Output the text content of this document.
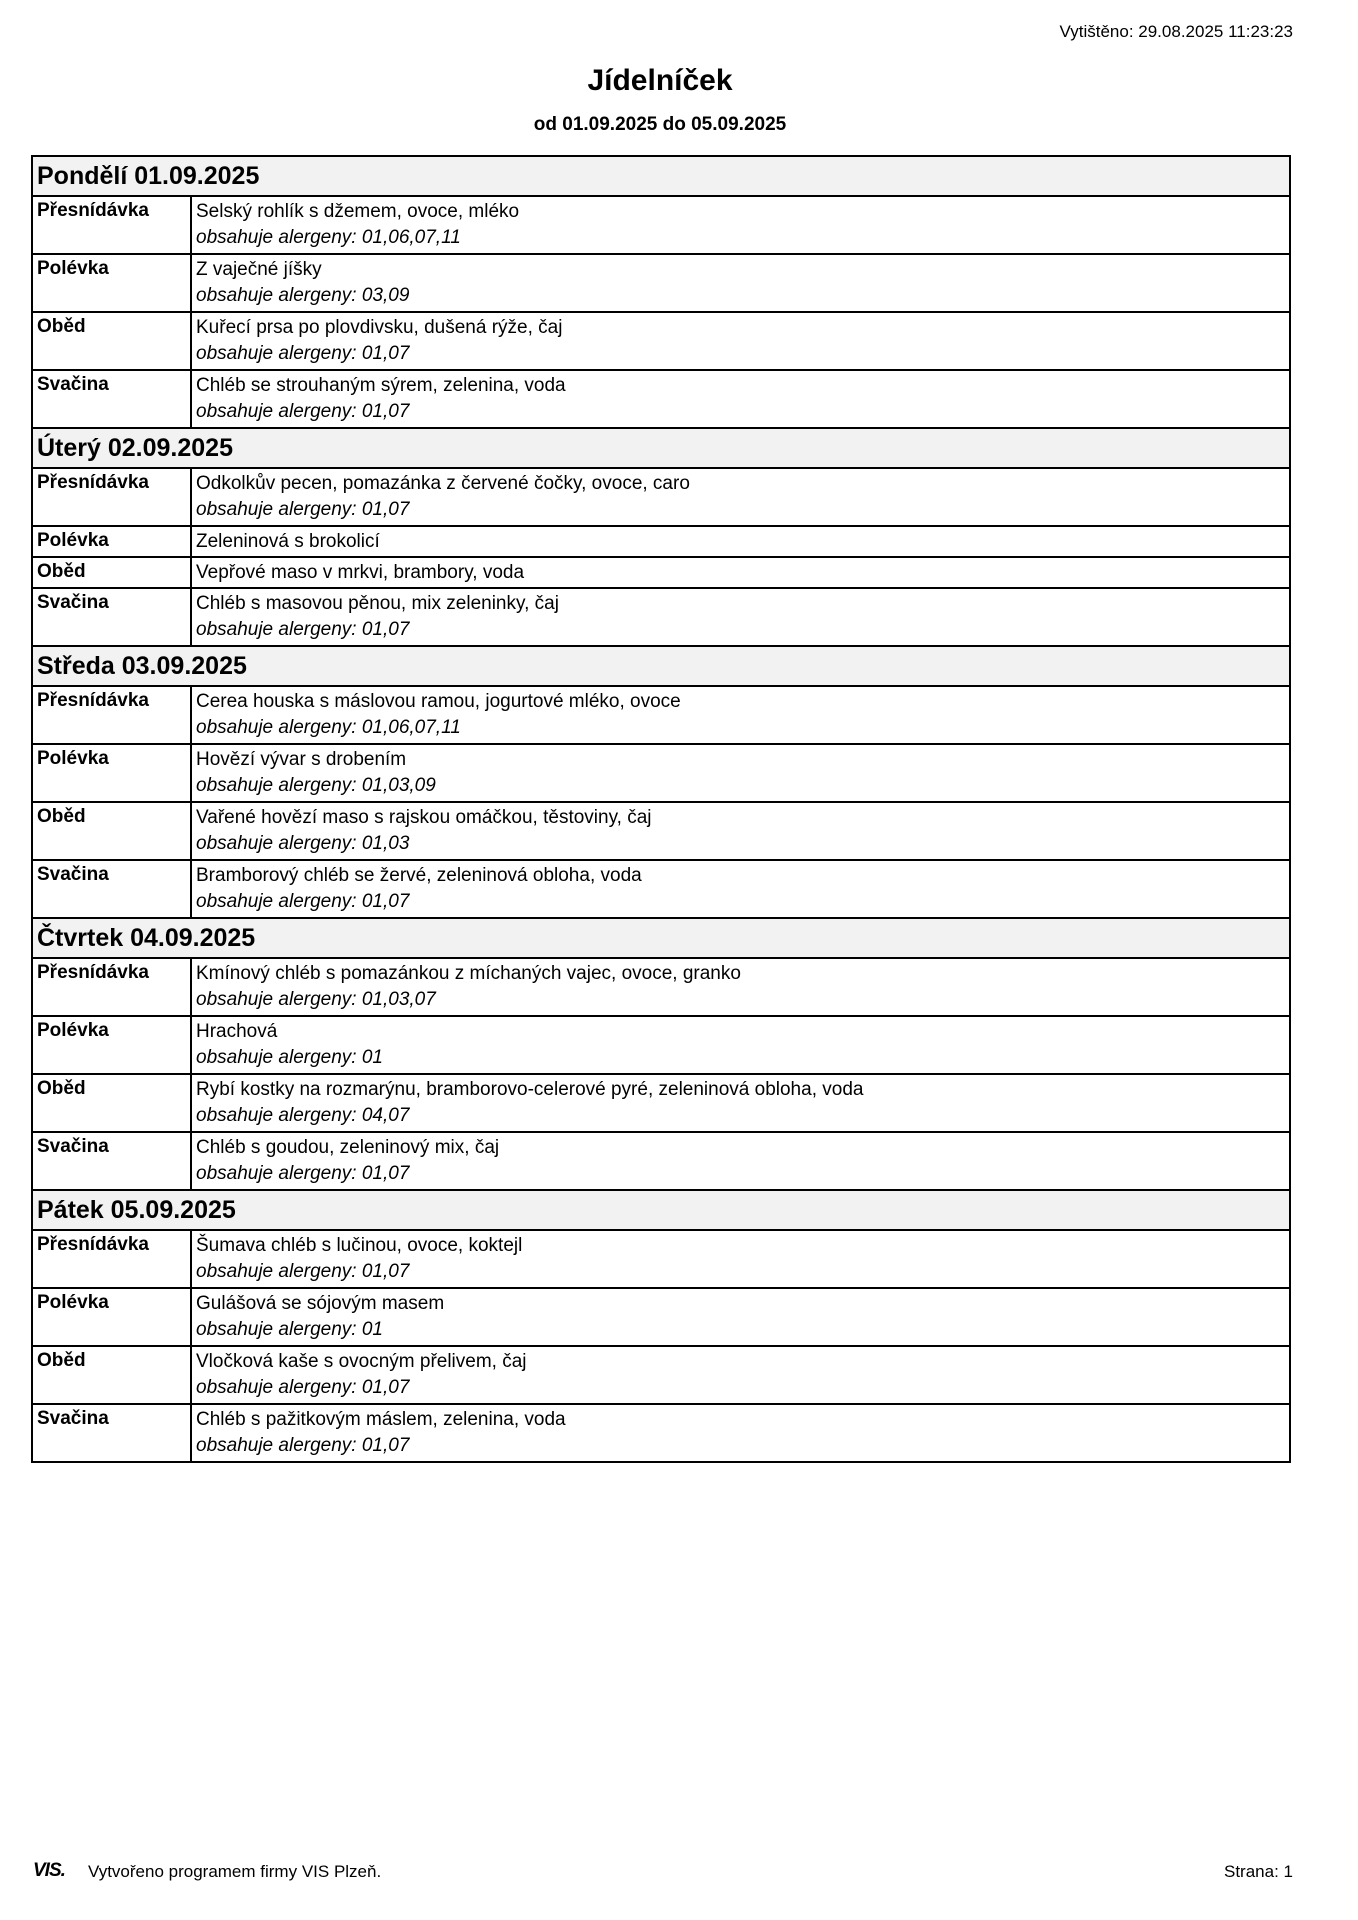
Vytištěno: 29.08.2025 11:23:23
Jídelníček
od 01.09.2025 do 05.09.2025
Pondělí 01.09.2025
Přesnídávka	Selský rohlík s džemem, ovoce, mléko
obsahuje alergeny: 01,06,07,11
Polévka	Z vaječné jíšky
obsahuje alergeny: 03,09
Oběd	Kuřecí prsa po plovdivsku, dušená rýže, čaj
obsahuje alergeny: 01,07
Svačina	Chléb se strouhaným sýrem, zelenina, voda
obsahuje alergeny: 01,07
Úterý 02.09.2025
Přesnídávka	Odkolkův pecen, pomazánka z červené čočky, ovoce, caro
obsahuje alergeny: 01,07
Polévka	Zeleninová s brokolicí
Oběd	Vepřové maso v mrkvi, brambory, voda
Svačina	Chléb s masovou pěnou, mix zeleninky, čaj
obsahuje alergeny: 01,07
Středa 03.09.2025
Přesnídávka	Cerea houska s máslovou ramou, jogurtové mléko, ovoce
obsahuje alergeny: 01,06,07,11
Polévka	Hovězí vývar s drobením
obsahuje alergeny: 01,03,09
Oběd	Vařené hovězí maso s rajskou omáčkou, těstoviny, čaj
obsahuje alergeny: 01,03
Svačina	Bramborový chléb se žervé, zeleninová obloha, voda
obsahuje alergeny: 01,07
Čtvrtek 04.09.2025
Přesnídávka	Kmínový chléb s pomazánkou z míchaných vajec, ovoce, granko
obsahuje alergeny: 01,03,07
Polévka	Hrachová
obsahuje alergeny: 01
Oběd	Rybí kostky na rozmarýnu, bramborovo-celerové pyré, zeleninová obloha, voda
obsahuje alergeny: 04,07
Svačina	Chléb s goudou, zeleninový mix, čaj
obsahuje alergeny: 01,07
Pátek 05.09.2025
Přesnídávka	Šumava chléb s lučinou, ovoce, koktejl
obsahuje alergeny: 01,07
Polévka	Gulášová se sójovým masem
obsahuje alergeny: 01
Oběd	Vločková kaše s ovocným přelivem, čaj
obsahuje alergeny: 01,07
Svačina	Chléb s pažitkovým máslem, zelenina, voda
obsahuje alergeny: 01,07
VIS. Vytvořeno programem firmy VIS Plzeň.	Strana: 1
